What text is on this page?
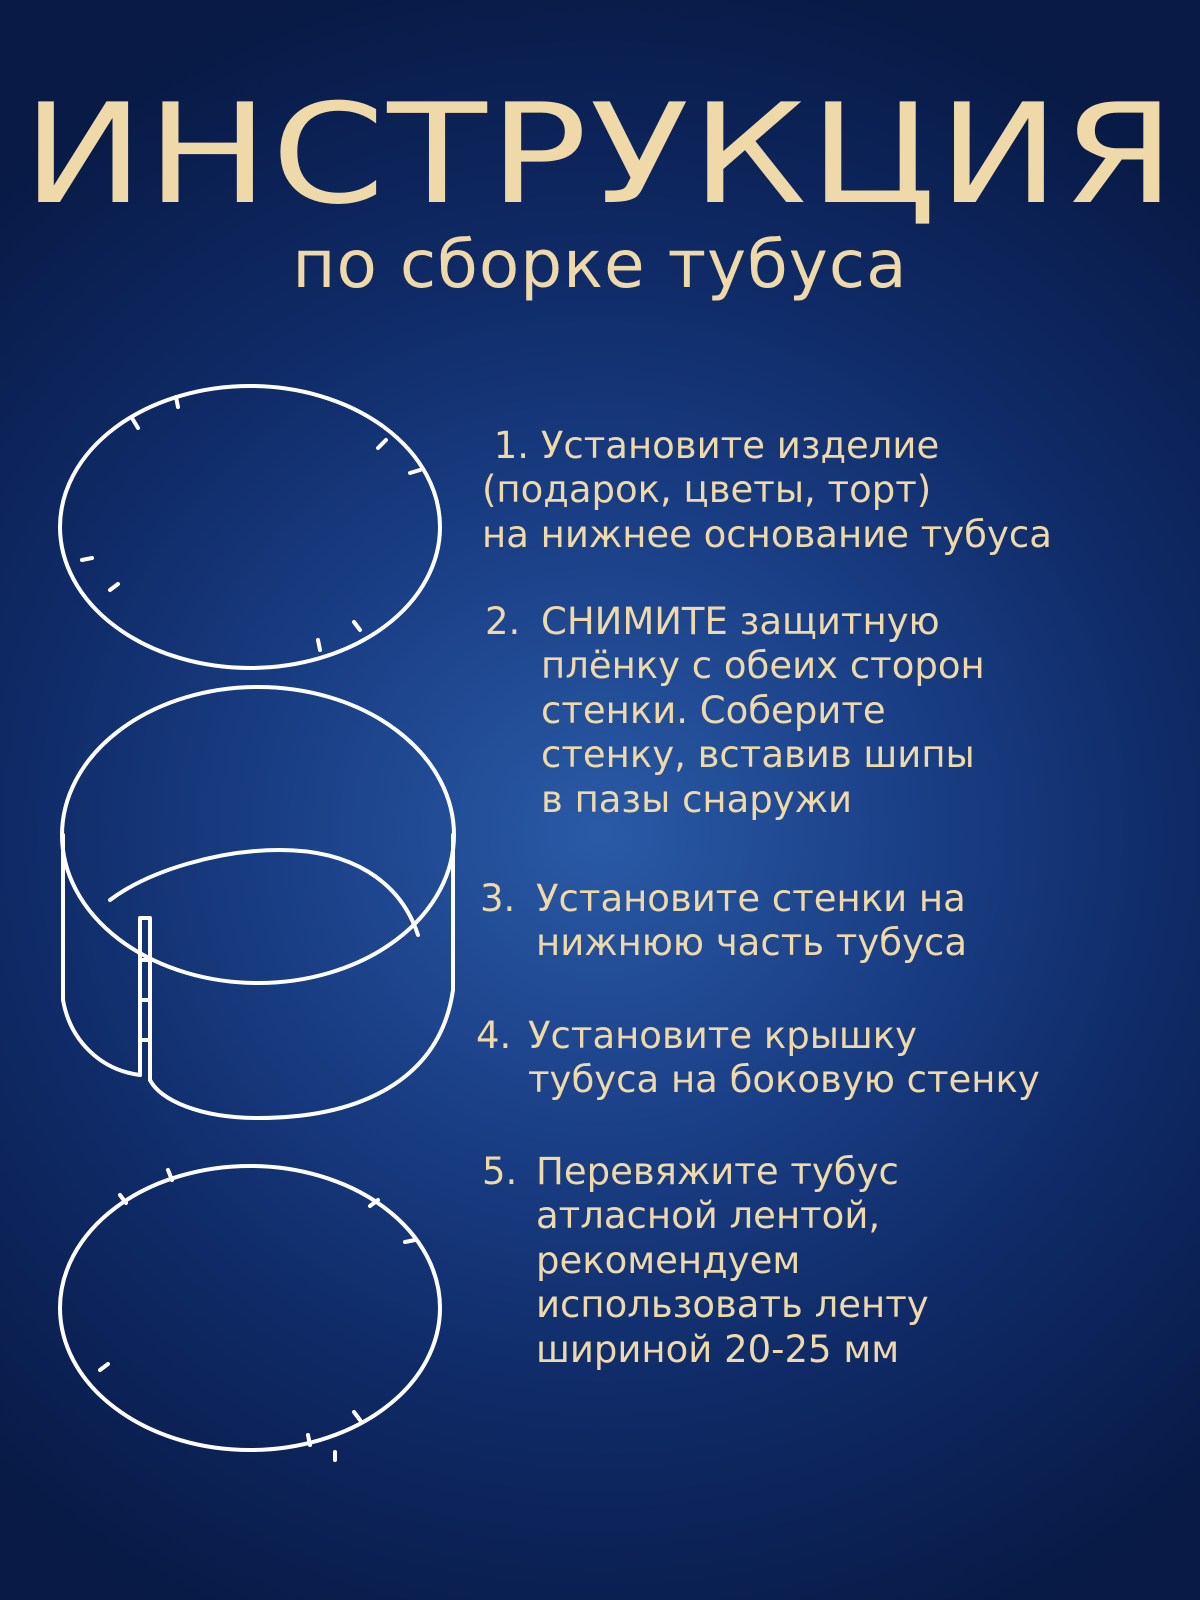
ИНСТРУКЦИЯ
по сборке тубуса
1. Установите изделие
(подарок, цветы, торт)
на нижнее основание тубуса
2. СНИМИТЕ защитную
плёнку с обеих сторон
стенки. Соберите
стенку, вставив шипы
в пазы снаружи
3. Установите стенки на
нижнюю часть тубуса
4. Установите крышку
тубуса на боковую стенку
5. Перевяжите тубус
атласной лентой,
рекомендуем
использовать ленту
шириной 20-25 мм
